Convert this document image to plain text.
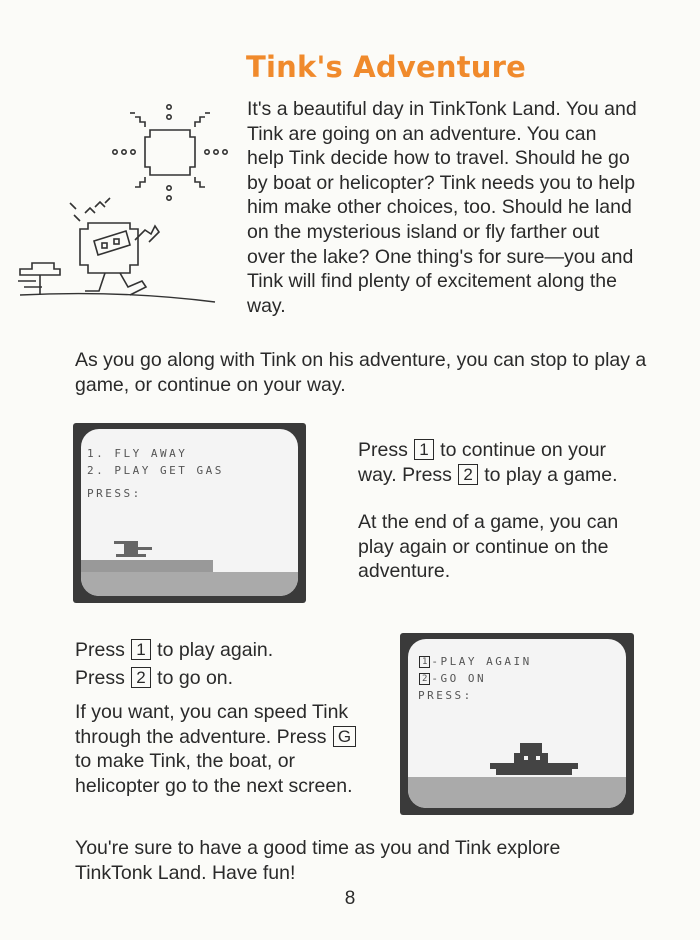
Tink's Adventure
It's a beautiful day in TinkTonk Land. You and Tink are going on an adventure. You can help Tink decide how to travel. Should he go by boat or helicopter? Tink needs you to help him make other choices, too. Should he land on the mysterious island or fly farther out over the lake? One thing's for sure—you and Tink will find plenty of excitement along the way.
As you go along with Tink on his adventure, you can stop to play a game, or continue on your way.
1. FLY AWAY
2. PLAY GET GAS
PRESS:
Press 1 to continue on your way. Press 2 to play a game.
At the end of a game, you can play again or continue on the adventure.
Press 1 to play again.
Press 2 to go on.
If you want, you can speed Tink through the adventure. Press G to make Tink, the boat, or helicopter go to the next screen.
1 -PLAY AGAIN
2 -GO ON
PRESS:
You're sure to have a good time as you and Tink explore TinkTonk Land. Have fun!
8
